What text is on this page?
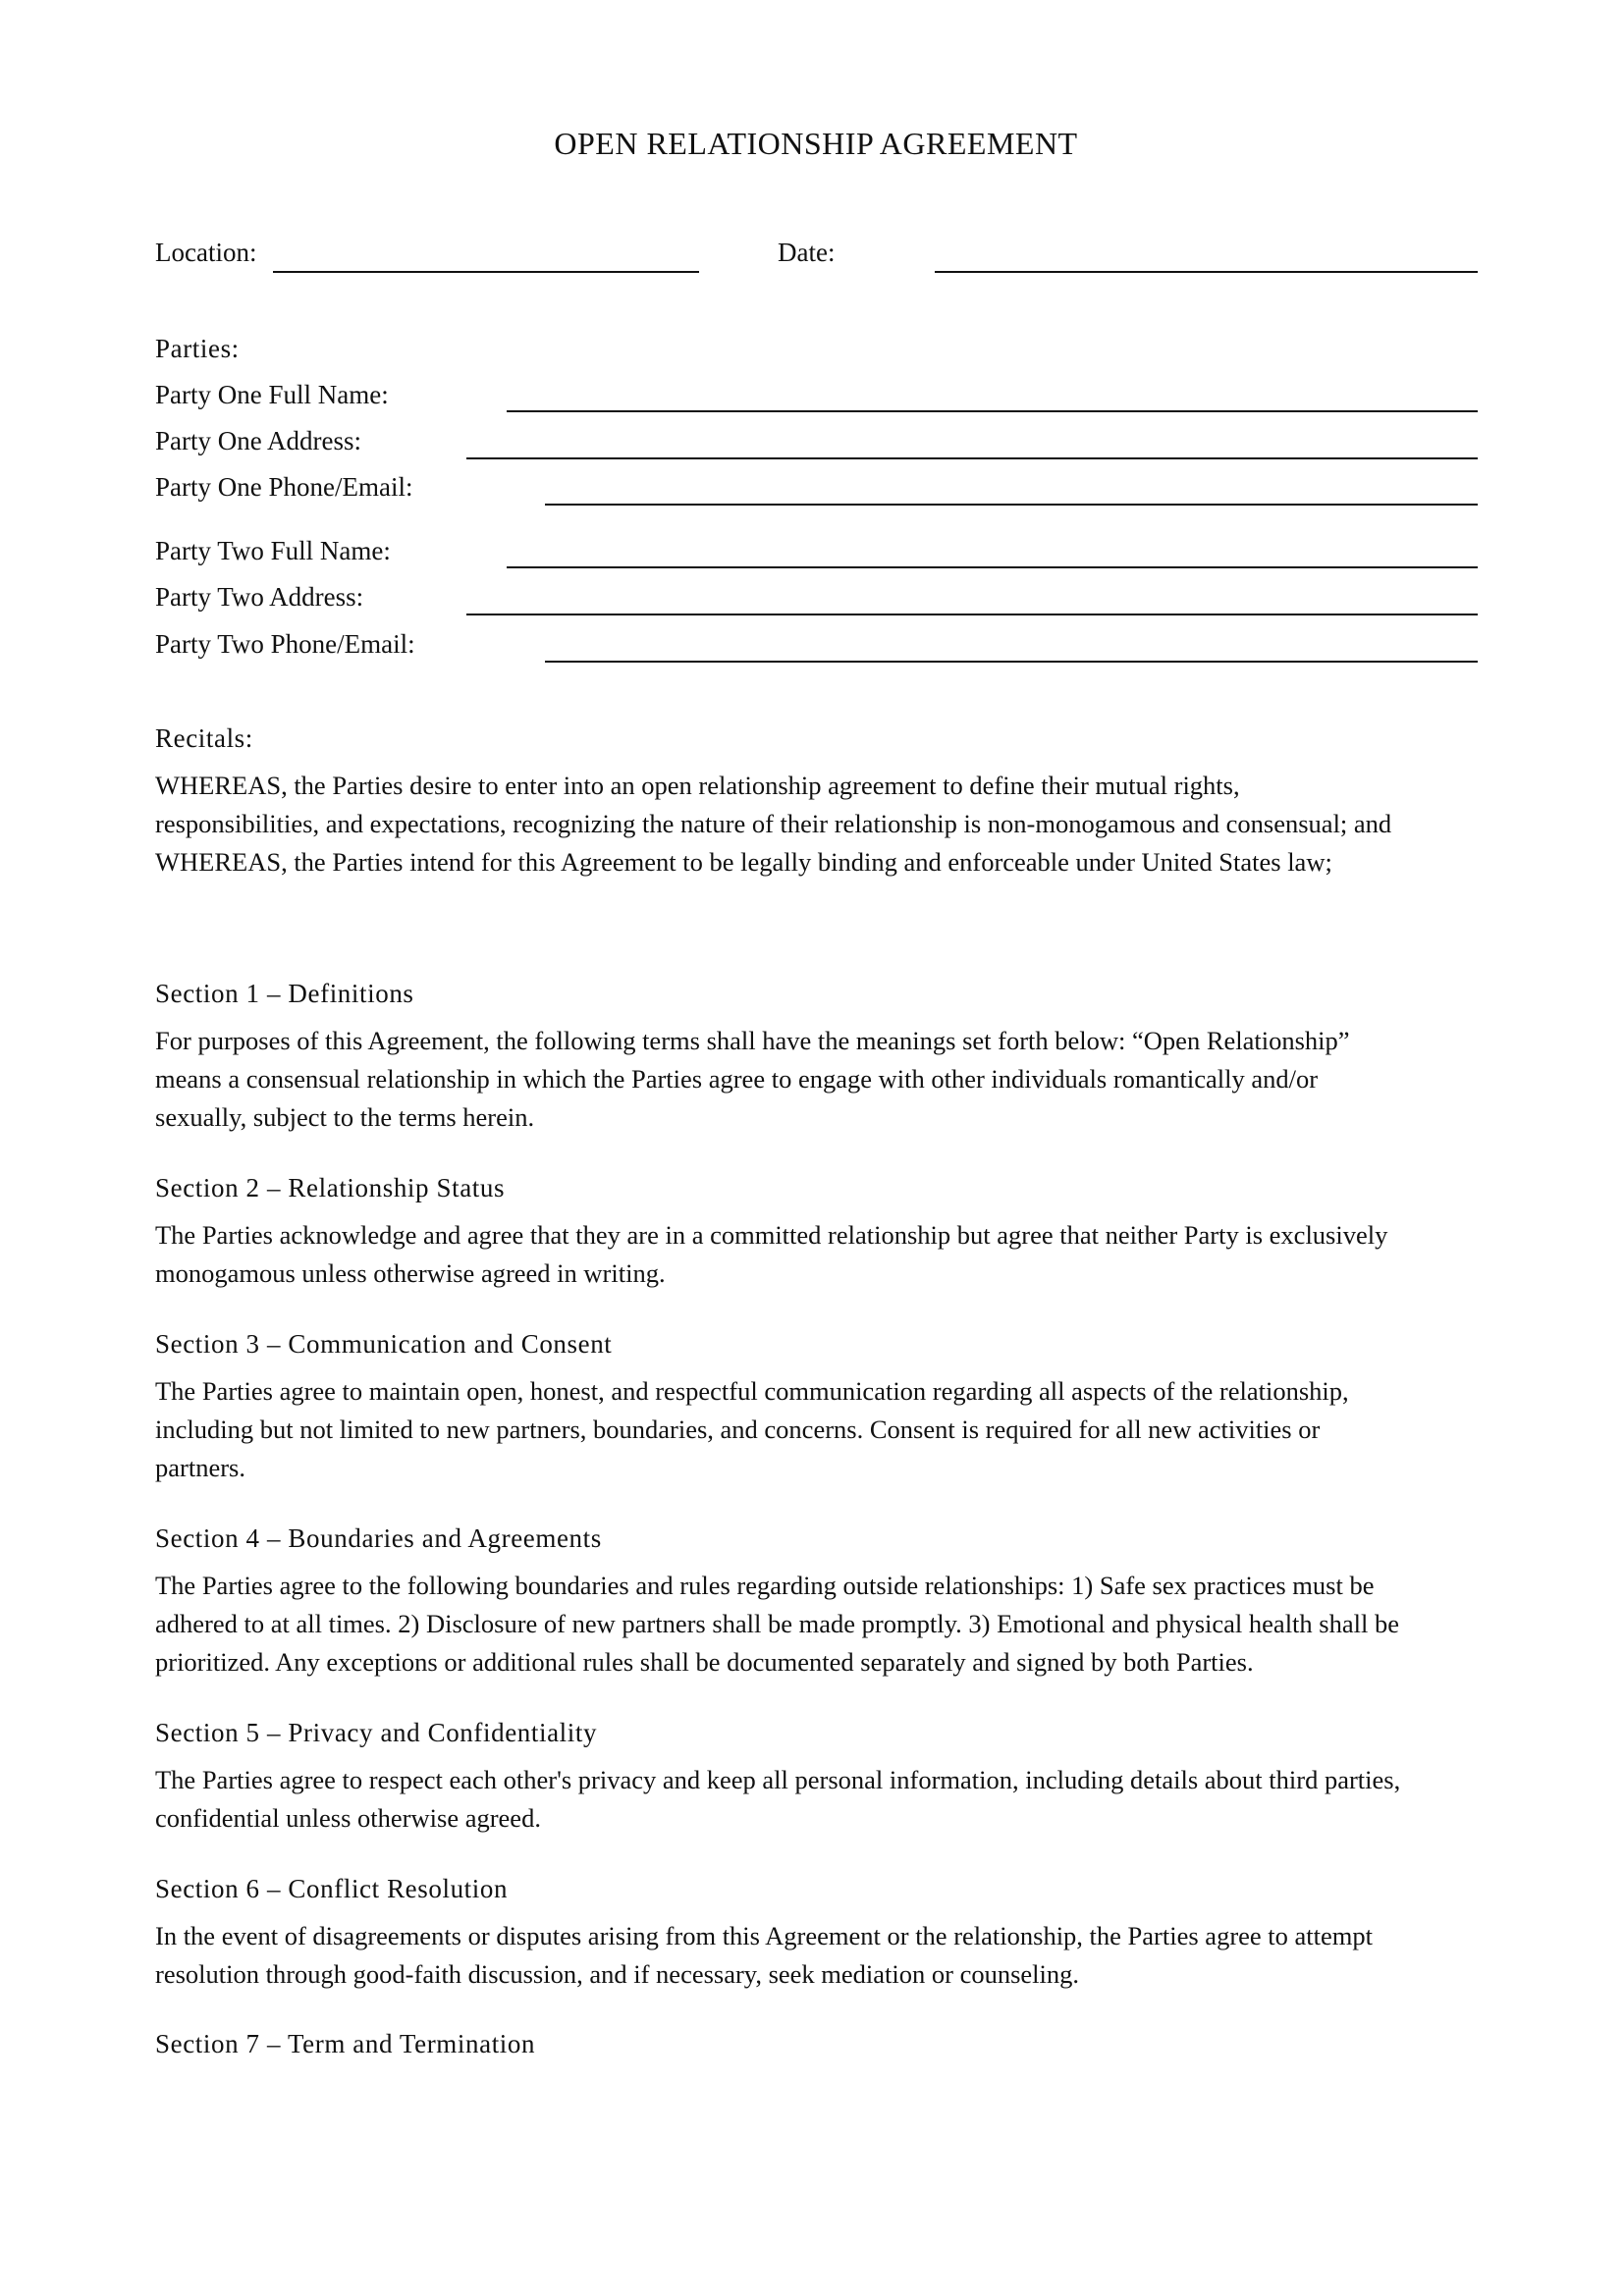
OPEN RELATIONSHIP AGREEMENT
Location:	Date:
Parties:
Party One Full Name:
Party One Address:
Party One Phone/Email:
Party Two Full Name:
Party Two Address:
Party Two Phone/Email:
Recitals:

WHEREAS, the Parties desire to enter into an open relationship agreement to define their mutual rights,
responsibilities, and expectations, recognizing the nature of their relationship is non-monogamous and consensual; and
WHEREAS, the Parties intend for this Agreement to be legally binding and enforceable under United States law;

Section 1 – Definitions

For purposes of this Agreement, the following terms shall have the meanings set forth below: “Open Relationship”
means a consensual relationship in which the Parties agree to engage with other individuals romantically and/or
sexually, subject to the terms herein.

Section 2 – Relationship Status

The Parties acknowledge and agree that they are in a committed relationship but agree that neither Party is exclusively
monogamous unless otherwise agreed in writing.

Section 3 – Communication and Consent

The Parties agree to maintain open, honest, and respectful communication regarding all aspects of the relationship,
including but not limited to new partners, boundaries, and concerns. Consent is required for all new activities or
partners.

Section 4 – Boundaries and Agreements

The Parties agree to the following boundaries and rules regarding outside relationships: 1) Safe sex practices must be
adhered to at all times. 2) Disclosure of new partners shall be made promptly. 3) Emotional and physical health shall be
prioritized. Any exceptions or additional rules shall be documented separately and signed by both Parties.

Section 5 – Privacy and Confidentiality

The Parties agree to respect each other's privacy and keep all personal information, including details about third parties,
confidential unless otherwise agreed.

Section 6 – Conflict Resolution

In the event of disagreements or disputes arising from this Agreement or the relationship, the Parties agree to attempt
resolution through good-faith discussion, and if necessary, seek mediation or counseling.

Section 7 – Term and Termination
